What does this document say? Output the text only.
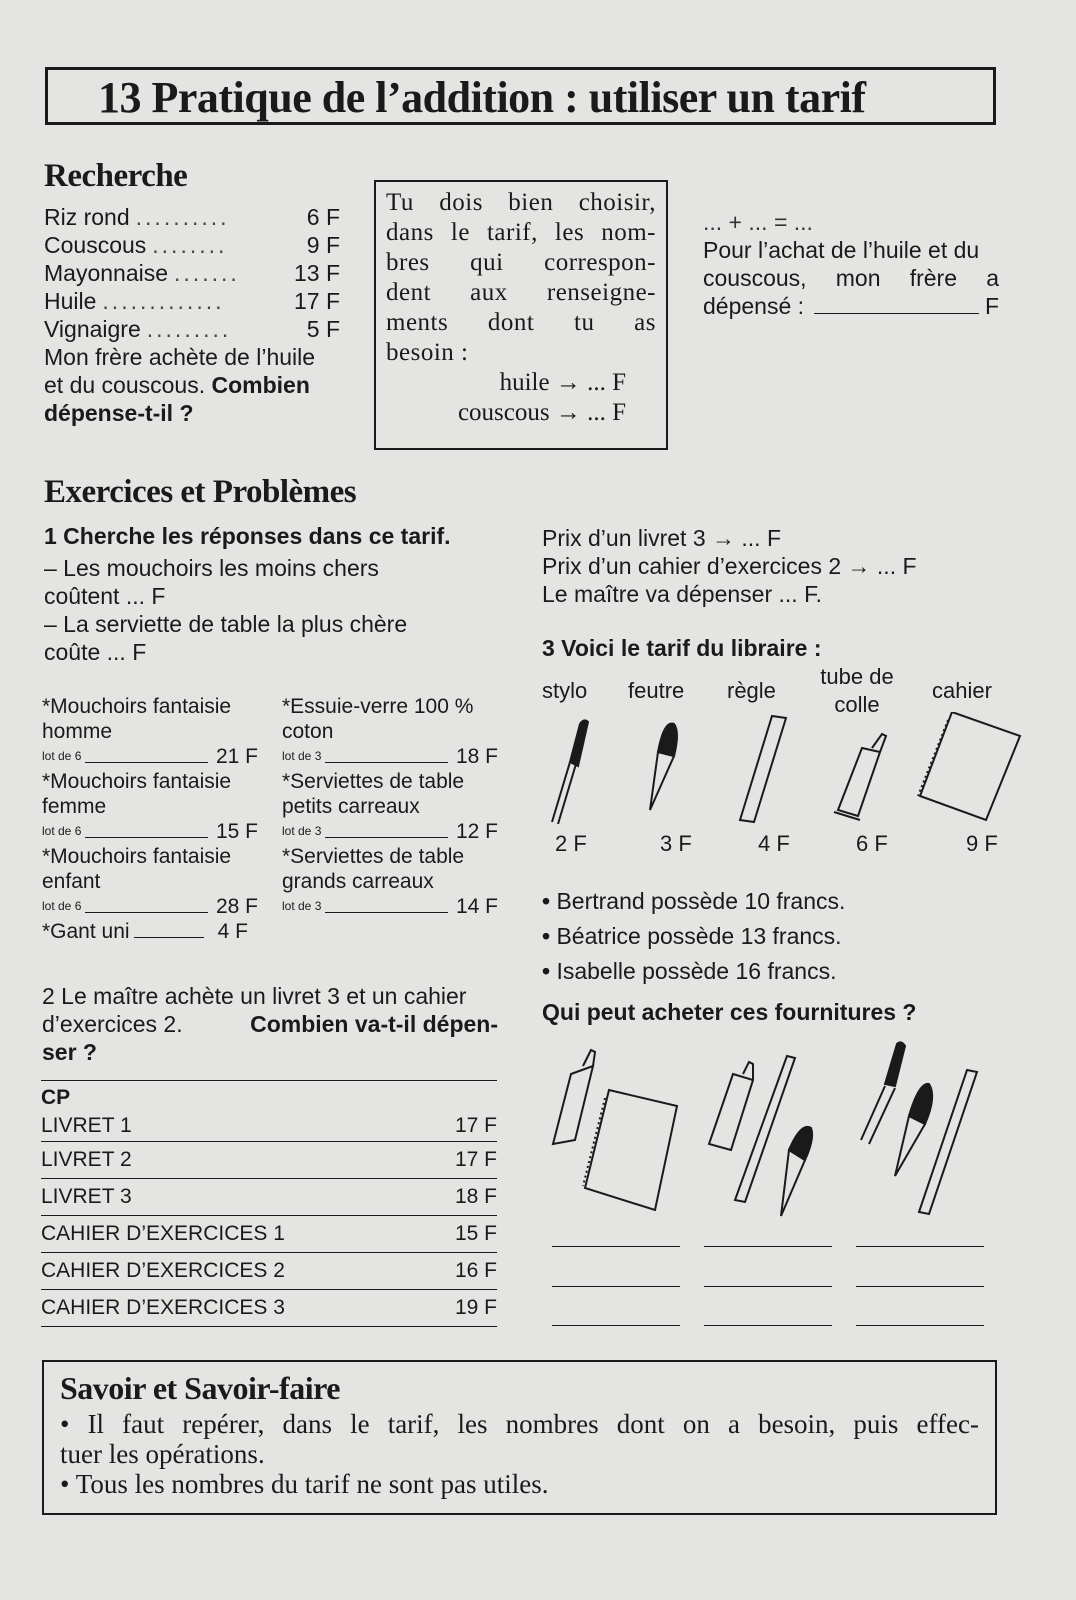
13 Pratique de l’addition : utiliser un tarif
Recherche
Riz rond ..........	6 F
Couscous ........	9 F
Mayonnaise .......	13 F
Huile .............	17 F
Vignaigre .........	5 F
Mon frère achète de l’huile
et du couscous. Combien
dépense-t-il ?

Tu dois bien choisir,

dans le tarif, les nom-

bres qui correspon-

dent aux renseigne-

ments dont tu as

besoin :

huile → ... F
couscous → ... F
... + ... = ...
Pour l’achat de l’huile et du
couscous, mon frère a
dépensé :	F
Exercices et Problèmes
1 Cherche les réponses dans ce tarif.
– Les mouchoirs les moins chers
coûtent ... F
– La serviette de table la plus chère
coûte ... F
*Mouchoirs fantaisie
homme
lot de 6	21 F
*Mouchoirs fantaisie
femme
lot de 6	15 F
*Mouchoirs fantaisie
enfant
lot de 6	28 F
*Gant uni	4 F
*Essuie-verre 100 %
coton
lot de 3	18 F
*Serviettes de table
petits carreaux
lot de 3	12 F
*Serviettes de table
grands carreaux
lot de 3	14 F
2 Le maître achète un livret 3 et un cahier
d’exercices 2.	Combien va-t-il dépen-
ser ?
CP
LIVRET 1	17 F
LIVRET 2	17 F
LIVRET 3	18 F
CAHIER D’EXERCICES 1	15 F
CAHIER D’EXERCICES 2	16 F
CAHIER D’EXERCICES 3	19 F
Prix d’un livret 3 → ... F
Prix d’un cahier d’exercices 2 → ... F
Le maître va dépenser ... F.
3 Voici le tarif du libraire :
stylo feutre règle
tube de
colle
cahier
2 F	3 F	4 F	6 F	9 F
• Bertrand possède 10 francs.
• Béatrice possède 13 francs.
• Isabelle possède 16 francs.
Qui peut acheter ces fournitures ?
Savoir et Savoir-faire

• Il faut repérer, dans le tarif, les nombres dont on a besoin, puis effec-

tuer les opérations.

• Tous les nombres du tarif ne sont pas utiles.
